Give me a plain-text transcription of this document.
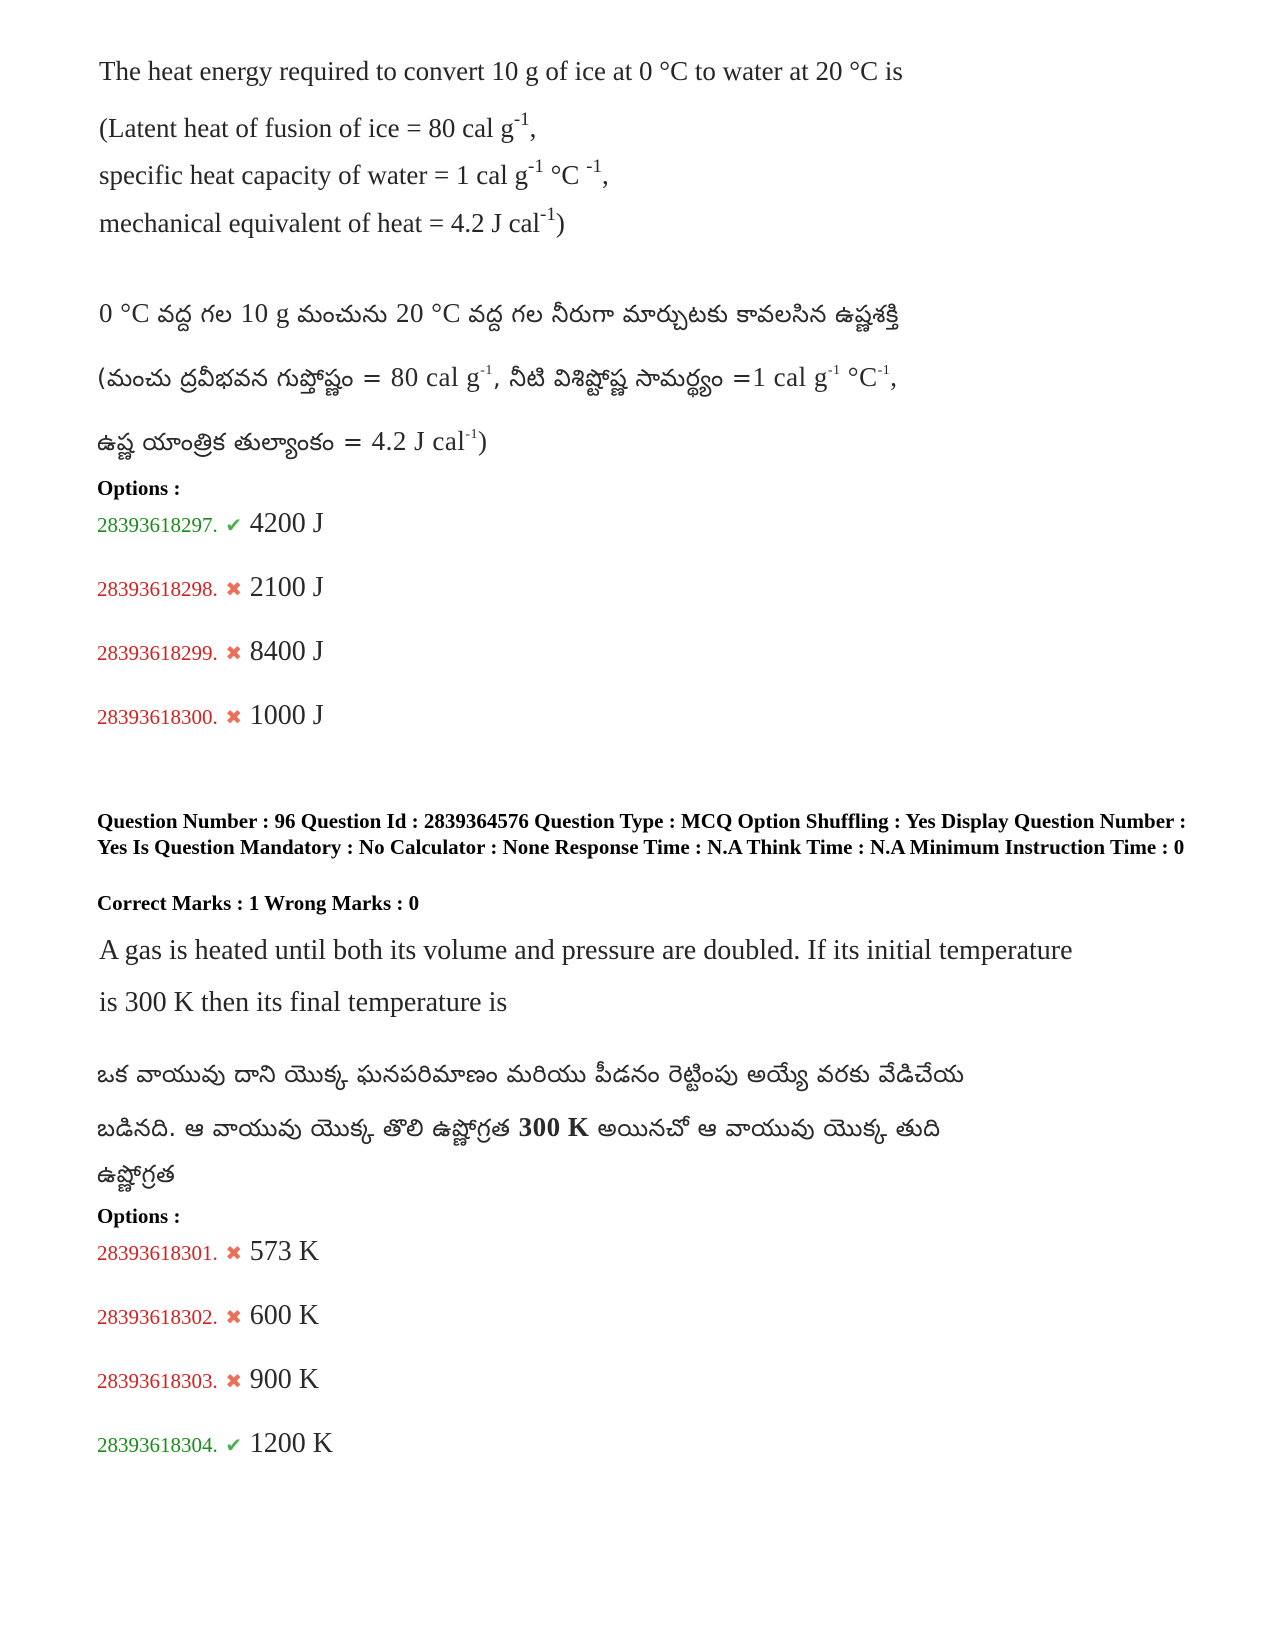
The heat energy required to convert 10 g of ice at 0 °C to water at 20 °C is
(Latent heat of fusion of ice = 80 cal $g^{-1}$,
specific heat capacity of water = 1 cal $g^{-1}$ °C $^{-1}$,
mechanical equivalent of heat = 4.2 J cal$^{-1}$)
0 °C వద్ద గల 10 g మంచును 20 °C వద్ద గల నీరుగా మార్చుటకు కావలసిన ఉష్ణశక్తి
(మంచు ద్రవీభవన గుప్తోష్ణం = 80 cal $g^{-1}$, నీటి విశిష్టోష్ణ సామర్థ్యం =1 cal $g^{-1}$ $^\circ C^{-1}$,
ఉష్ణ యాంత్రిక తుల్యాంకం = 4.2 J cal$^{-1}$)
Options :
28393618297. ✔ 4200 J
28393618298. ✖ 2100 J
28393618299. ✖ 8400 J
28393618300. ✖ 1000 J
Question Number : 96 Question Id : 2839364576 Question Type : MCQ Option Shuffling : Yes Display Question Number : Yes Is Question Mandatory : No Calculator : None Response Time : N.A Think Time : N.A Minimum Instruction Time : 0
Correct Marks : 1 Wrong Marks : 0
A gas is heated until both its volume and pressure are doubled. If its initial temperature
is 300 K then its final temperature is
ఒక వాయువు దాని యొక్క ఘనపరిమాణం మరియు పీడనం రెట్టింపు అయ్యే వరకు వేడిచేయ
బడినది. ఆ వాయువు యొక్క తొలి ఉష్ణోగ్రత 300 K అయినచో ఆ వాయువు యొక్క తుది
ఉష్ణోగ్రత
Options :
28393618301. ✖ 573 K
28393618302. ✖ 600 K
28393618303. ✖ 900 K
28393618304. ✔ 1200 K
